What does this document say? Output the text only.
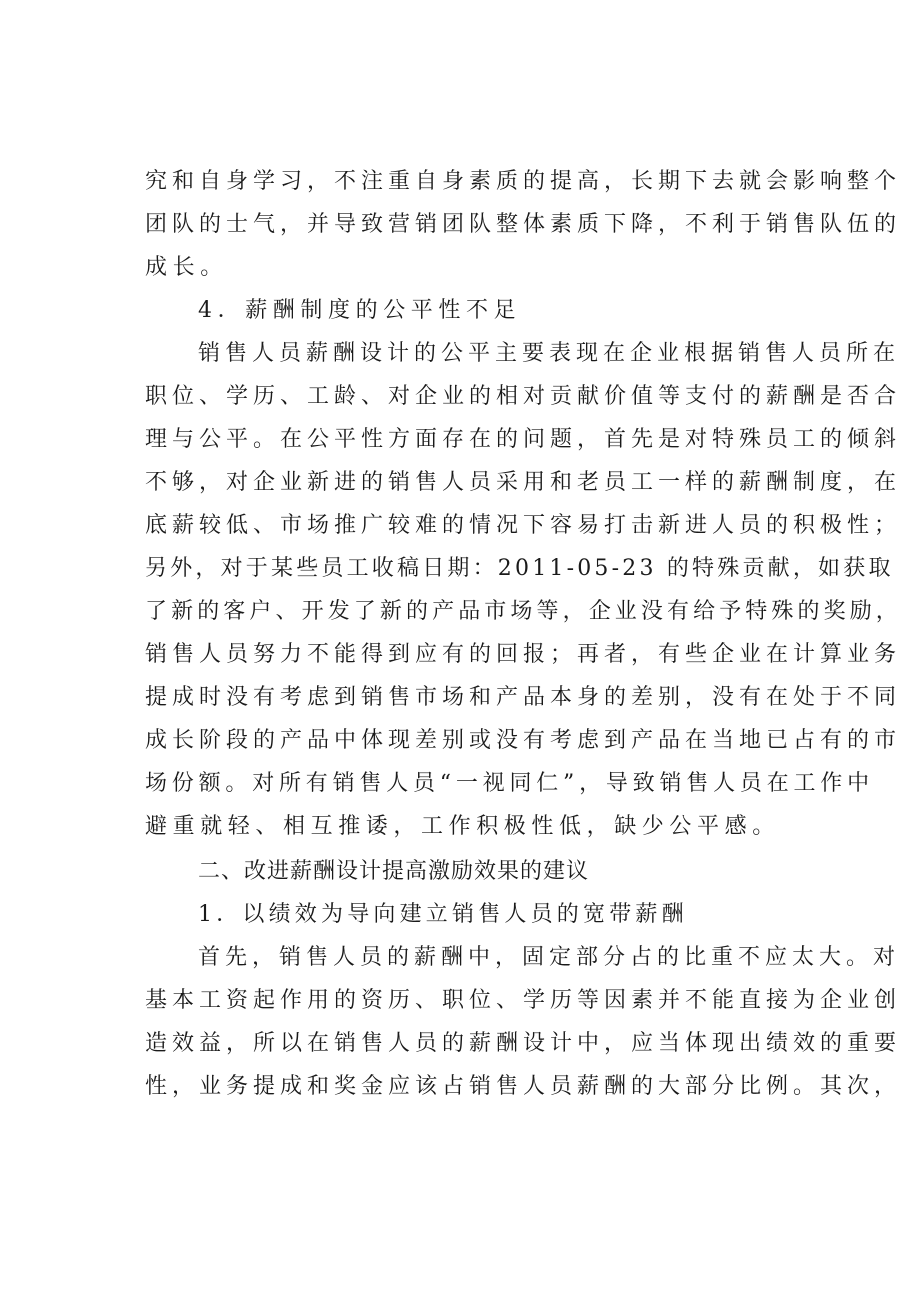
究和自身学习，不注重自身素质的提高，长期下去就会影响整个
团队的士气，并导致营销团队整体素质下降，不利于销售队伍的
成长。
4．薪酬制度的公平性不足
销售人员薪酬设计的公平主要表现在企业根据销售人员所在
职位、学历、工龄、对企业的相对贡献价值等支付的薪酬是否合
理与公平。在公平性方面存在的问题，首先是对特殊员工的倾斜
不够，对企业新进的销售人员采用和老员工一样的薪酬制度，在
底薪较低、市场推广较难的情况下容易打击新进人员的积极性；
另外，对于某些员工收稿日期：2011-05-23 的特殊贡献，如获取
了新的客户、开发了新的产品市场等，企业没有给予特殊的奖励，
销售人员努力不能得到应有的回报；再者，有些企业在计算业务
提成时没有考虑到销售市场和产品本身的差别，没有在处于不同
成长阶段的产品中体现差别或没有考虑到产品在当地已占有的市
场份额。对所有销售人员“一视同仁”，导致销售人员在工作中
避重就轻、相互推诿，工作积极性低，缺少公平感。
二、改进薪酬设计提高激励效果的建议
1．以绩效为导向建立销售人员的宽带薪酬
首先，销售人员的薪酬中，固定部分占的比重不应太大。对
基本工资起作用的资历、职位、学历等因素并不能直接为企业创
造效益，所以在销售人员的薪酬设计中，应当体现出绩效的重要
性，业务提成和奖金应该占销售人员薪酬的大部分比例。其次，
